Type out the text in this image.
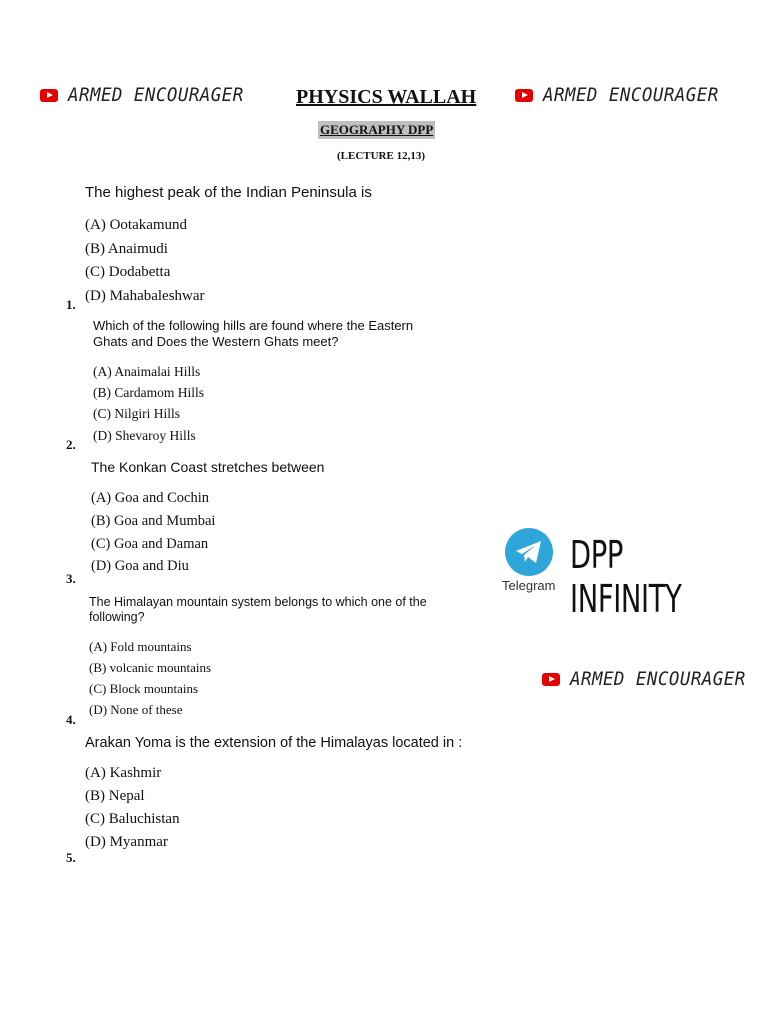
ARMED ENCOURAGER	PHYSICS WALLAH	ARMED ENCOURAGER
GEOGRAPHY DPP
(LECTURE 12,13)
The highest peak of the Indian Peninsula is
(A) Ootakamund
(B) Anaimudi
(C) Dodabetta
(D) Mahabaleshwar
1.
Which of the following hills are found where the Eastern
Ghats and Does the Western Ghats meet?
(A) Anaimalai Hills
(B) Cardamom Hills
(C) Nilgiri Hills
(D) Shevaroy Hills
2.
The Konkan Coast stretches between
(A) Goa and Cochin
(B) Goa and Mumbai
(C) Goa and Daman
(D) Goa and Diu
3.
The Himalayan mountain system belongs to which one of the
following?
(A) Fold mountains
(B) volcanic mountains
(C) Block mountains
(D) None of these
4.
Arakan Yoma is the extension of the Himalayas located in :
(A) Kashmir
(B) Nepal
(C) Baluchistan
(D) Myanmar
5.
Telegram
DPP INFINITY
ARMED ENCOURAGER
